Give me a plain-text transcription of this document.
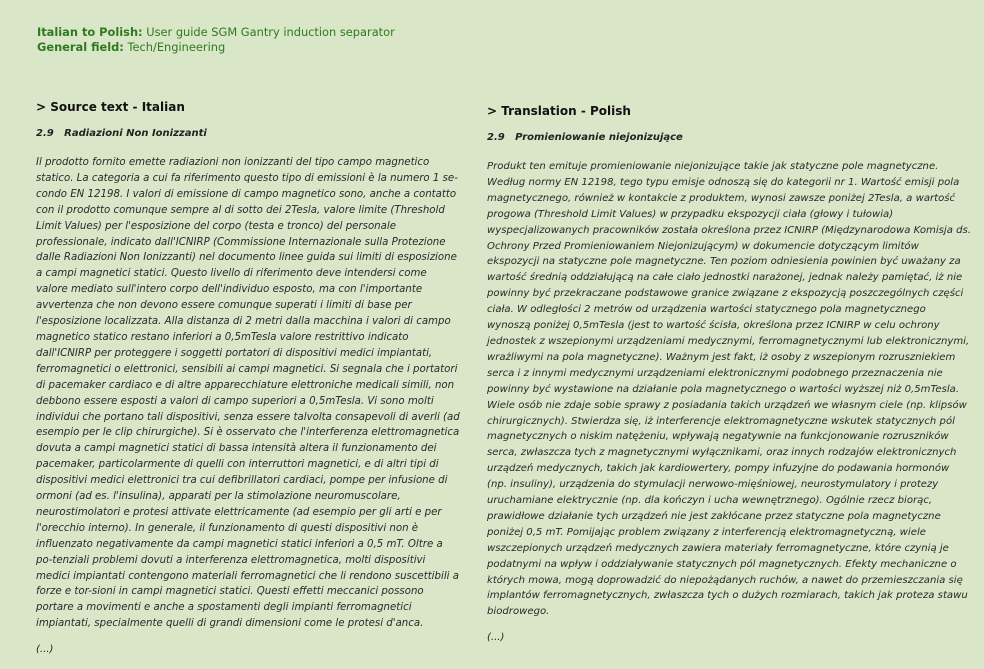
Italian to Polish: User guide SGM Gantry induction separator
General field: Tech/Engineering
> Source text - Italian
2.9 Radiazioni Non Ionizzanti

Il prodotto fornito emette radiazioni non ionizzanti del tipo campo magnetico statico. La categoria a cui fa riferimento questo tipo di emissioni è la numero 1 se-condo EN 12198. I valori di emissione di campo magnetico sono, anche a contatto con il prodotto comunque sempre al di sotto dei 2Tesla, valore limite (Threshold Limit Values) per l'esposizione del corpo (testa e tronco) del personale professionale, indicato dall'ICNIRP (Commissione Internazionale sulla Protezione dalle Radiazioni Non Ionizzanti) nel documento linee guida sui limiti di esposizione a campi magnetici statici. Questo livello di riferimento deve intendersi come valore mediato sull'intero corpo dell'individuo esposto, ma con l'importante avvertenza che non devono essere comunque superati i limiti di base per l'esposizione localizzata. Alla distanza di 2 metri dalla macchina i valori di campo magnetico statico restano inferiori a 0,5mTesla valore restrittivo indicato dall'ICNIRP per proteggere i soggetti portatori di dispositivi medici impiantati, ferromagnetici o elettronici, sensibili ai campi magnetici. Si segnala che i portatori di pacemaker cardiaco e di altre apparecchiature elettroniche medicali simili, non debbono essere esposti a valori di campo superiori a 0,5mTesla. Vi sono molti individui che portano tali dispositivi, senza essere talvolta consapevoli di averli (ad esempio per le clip chirurgiche). Si è osservato che l'interferenza elettromagnetica dovuta a campi magnetici statici di bassa intensità altera il funzionamento dei pacemaker, particolarmente di quelli con interruttori magnetici, e di altri tipi di dispositivi medici elettronici tra cui defibrillatori cardiaci, pompe per infusione di ormoni (ad es. l'insulina), apparati per la stimolazione neuromuscolare, neurostimolatori e protesi attivate elettricamente (ad esempio per gli arti e per l'orecchio interno). In generale, il funzionamento di questi dispositivi non è influenzato negativamente da campi magnetici statici inferiori a 0,5 mT. Oltre a po-tenziali problemi dovuti a interferenza elettromagnetica, molti dispositivi medici impiantati contengono materiali ferromagnetici che li rendono suscettibili a forze e tor-sioni in campi magnetici statici. Questi effetti meccanici possono portare a movimenti e anche a spostamenti degli impianti ferromagnetici impiantati, specialmente quelli di grandi dimensioni come le protesi d'anca.

(...)
> Translation - Polish
2.9 Promieniowanie niejonizujące

Produkt ten emituje promieniowanie niejonizujące takie jak statyczne pole magnetyczne. Według normy EN 12198, tego typu emisje odnoszą się do kategorii nr 1. Wartość emisji pola magnetycznego, również w kontakcie z produktem, wynosi zawsze poniżej 2Tesla, a wartość progowa (Threshold Limit Values) w przypadku ekspozycji ciała (głowy i tułowia) wyspecjalizowanych pracowników została określona przez ICNIRP (Międzynarodowa Komisja ds. Ochrony Przed Promieniowaniem Niejonizującym) w dokumencie dotyczącym limitów ekspozycji na statyczne pole magnetyczne. Ten poziom odniesienia powinien być uważany za wartość średnią oddziałującą na całe ciało jednostki narażonej, jednak należy pamiętać, iż nie powinny być przekraczane podstawowe granice związane z ekspozycją poszczególnych części ciała. W odległości 2 metrów od urządzenia wartości statycznego pola magnetycznego wynoszą poniżej 0,5mTesla (jest to wartość ścisła, określona przez ICNIRP w celu ochrony jednostek z wszepionymi urządzeniami medycznymi, ferromagnetycznymi lub elektronicznymi, wrażliwymi na pola magnetyczne). Ważnym jest fakt, iż osoby z wszepionym rozruszniekiem serca i z innymi medycznymi urządzeniami elektronicznymi podobnego przeznaczenia nie powinny być wystawione na działanie pola magnetycznego o wartości wyższej niż 0,5mTesla. Wiele osób nie zdaje sobie sprawy z posiadania takich urządzeń we własnym ciele (np. klipsów chirurgicznych). Stwierdza się, iż interferencje elektromagnetyczne wskutek statycznych pól magnetycznych o niskim natężeniu, wpływają negatywnie na funkcjonowanie rozruszników serca, zwłaszcza tych z magnetycznymi wyłącznikami, oraz innych rodzajów elektronicznych urządzeń medycznych, takich jak kardiowertery, pompy infuzyjne do podawania hormonów (np. insuliny), urządzenia do stymulacji nerwowo-mięśniowej, neurostymulatory i protezy uruchamiane elektrycznie (np. dla kończyn i ucha wewnętrznego). Ogólnie rzecz biorąc, prawidłowe działanie tych urządzeń nie jest zakłócane przez statyczne pola magnetyczne poniżej 0,5 mT. Pomijając problem związany z interferencją elektromagnetyczną, wiele wszczepionych urządzeń medycznych zawiera materiały ferromagnetyczne, które czynią je podatnymi na wpływ i oddziaływanie statycznych pól magnetycznych. Efekty mechaniczne o których mowa, mogą doprowadzić do niepożądanych ruchów, a nawet do przemieszczania się implantów ferromagnetycznych, zwłaszcza tych o dużych rozmiarach, takich jak proteza stawu biodrowego.

(...)
